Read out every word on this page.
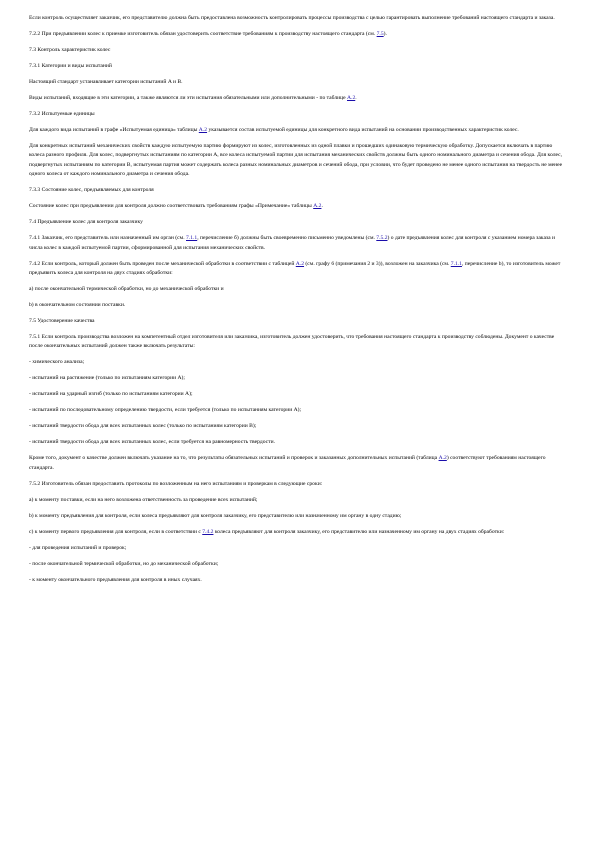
Если контроль осуществляет заказчик, его представителю должна быть предоставлена возможность контролировать процессы производства с целью гарантировать выполнение требований настоящего стандарта и заказа.

7.2.2 При предъявлении колес к приемке изготовитель обязан удостоверить соответствие требованиям к производству настоящего стандарта (см. 7.5).

7.3 Контроль характеристик колес

7.3.1 Категории и виды испытаний

Настоящий стандарт устанавливает категории испытаний A и B.

Виды испытаний, входящие в эти категории, а также являются ли эти испытания обязательными или дополнительными - по таблице А.2.

7.3.2 Испытуемые единицы

Для каждого вида испытаний в графе «Испытуемая единица» таблицы А.2 указывается состав испытуемой единицы для конкретного вида испытаний на основании производственных характеристик колес.

Для конкретных испытаний механических свойств каждую испытуемую партию формируют из колес, изготовленных из одной плавки и прошедших одинаковую термическую обработку. Допускается включать в партию колеса разного профиля. Для колес, подвергнутых испытаниям по категории A, все колеса испытуемой партии для испытания механических свойств должны быть одного номинального диаметра и сечения обода. Для колес, подвергнутых испытаниям по категории B, испытуемая партия может содержать колеса разных номинальных диаметров и сечений обода, при условии, что будет проведено не менее одного испытания на твердость не менее одного колеса от каждого номинального диаметра и сечения обода.

7.3.3 Состояние колес, предъявляемых для контроля

Состояние колес при предъявлении для контроля должно соответствовать требованиям графы «Примечание» таблицы А.2.

7.4 Предъявление колес для контроля заказчику

7.4.1 Заказчик, его представитель или назначенный им орган (см. 7.1.1, перечисление б) должны быть своевременно письменно уведомлены (см. 7.5.2) о дате предъявления колес для контроля с указанием номера заказа и числа колес в каждой испытуемой партии, сформированной для испытания механических свойств.

7.4.2 Если контроль, который должен быть проведен после механической обработки в соответствии с таблицей А.2 (см. графу 6 (примечания 2 и 3)), возложен на заказчика (см. 7.1.1, перечисление b), то изготовитель может предъявить колеса для контроля на двух стадиях обработки:

a) после окончательной термической обработки, но до механической обработки и

b) в окончательном состоянии поставки.

7.5 Удостоверение качества

7.5.1 Если контроль производства возложен на компетентный отдел изготовителя или заказчика, изготовитель должен удостоверить, что требования настоящего стандарта к производству соблюдены. Документ о качестве после окончательных испытаний должен также включать результаты:

- химического анализа;

- испытаний на растяжение (только по испытаниям категории A);

- испытаний на ударный изгиб (только по испытаниям категории A);

- испытаний по последовательному определению твердости, если требуется (только по испытаниям категории A);

- испытаний твердости обода для всех испытанных колес (только по испытаниям категории B);

- испытаний твердости обода для всех испытанных колес, если требуется на равномерность твердости.

Кроме того, документ о качестве должен включать указание на то, что результаты обязательных испытаний и проверок и заказанных дополнительных испытаний (таблица А.2) соответствуют требованиям настоящего стандарта.

7.5.2 Изготовитель обязан предоставить протоколы по возложенным на него испытаниям и проверкам в следующие сроки:

a) к моменту поставки, если на него возложена ответственность за проведение всех испытаний;

b) к моменту предъявления для контроля, если колеса предъявляют для контроля заказчику, его представителю или назначенному им органу в одну стадию;

c) к моменту первого предъявления для контроля, если в соответствии с 7.4.2 колеса предъявляют для контроля заказчику, его представителю или назначенному им органу на двух стадиях обработки:

- для проведения испытаний и проверок;

- после окончательной термической обработки, но до механической обработки;

- к моменту окончательного предъявления для контроля в иных случаях.
